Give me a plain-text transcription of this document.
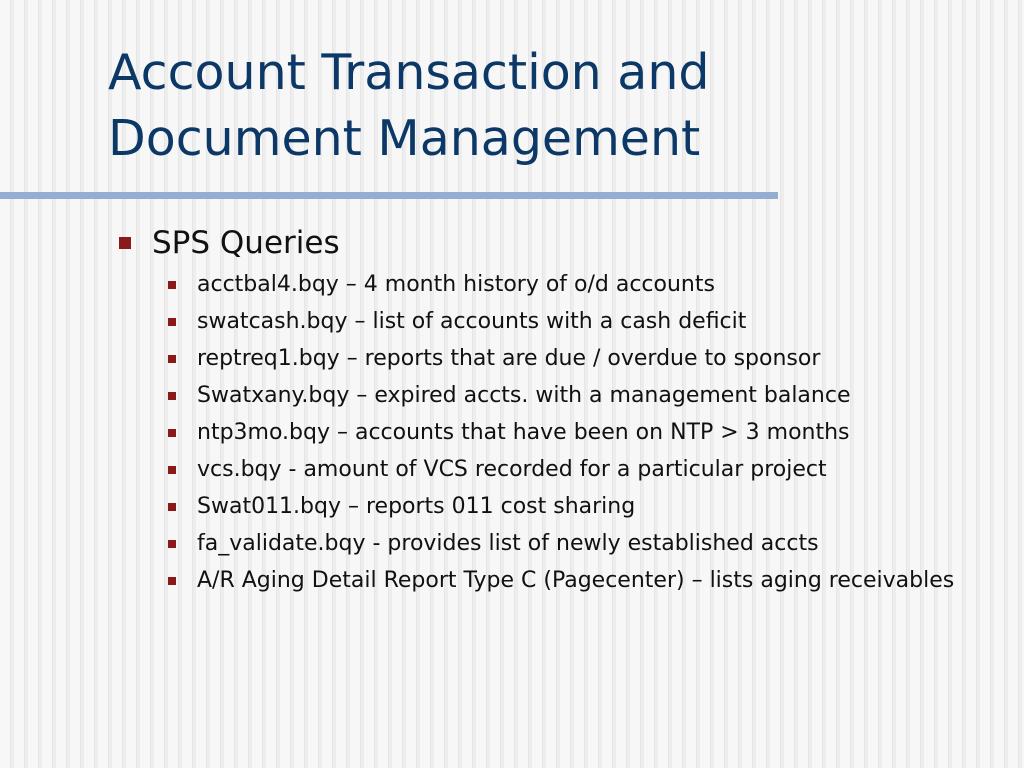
Account Transaction and
Document Management
SPS Queries
acctbal4.bqy – 4 month history of o/d accounts
swatcash.bqy – list of accounts with a cash deficit
reptreq1.bqy – reports that are due / overdue to sponsor
Swatxany.bqy – expired accts. with a management balance
ntp3mo.bqy – accounts that have been on NTP > 3 months
vcs.bqy - amount of VCS recorded for a particular project
Swat011.bqy – reports 011 cost sharing
fa_validate.bqy - provides list of newly established accts
A/R Aging Detail Report Type C (Pagecenter) – lists aging receivables
